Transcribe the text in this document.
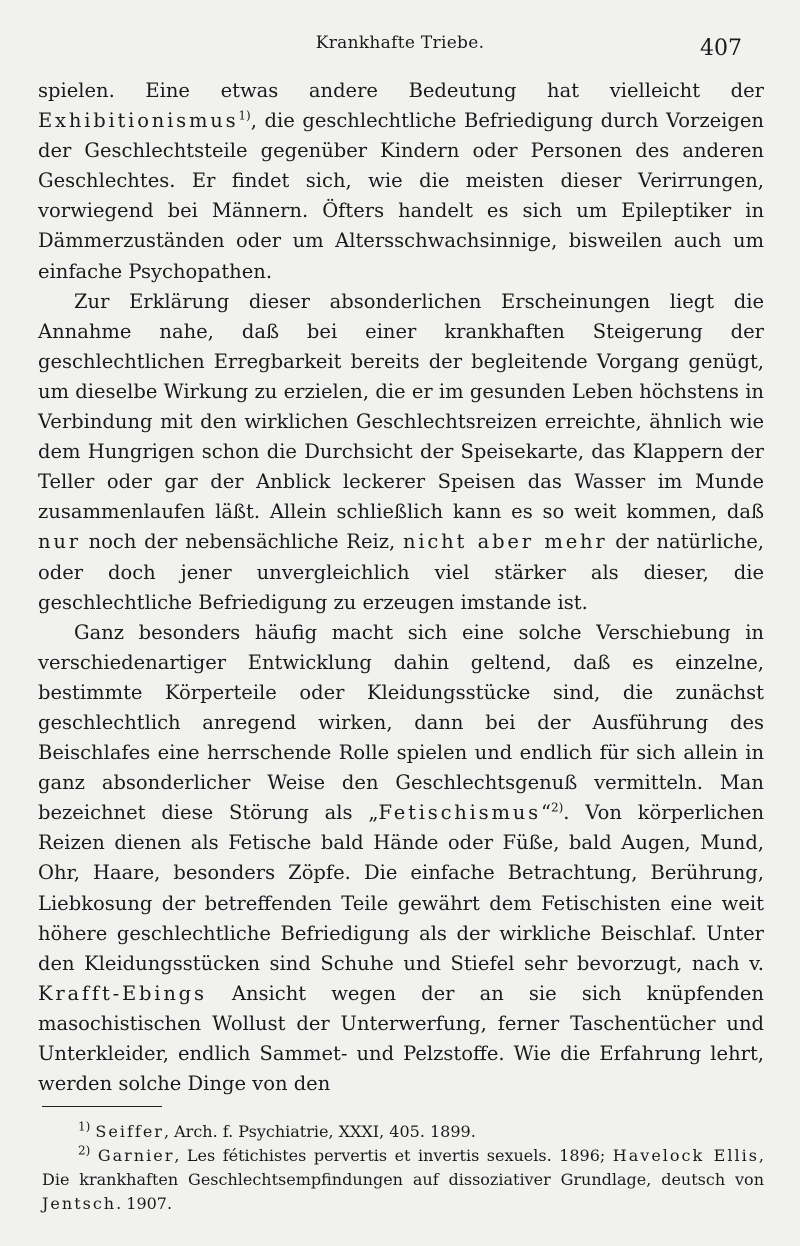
Krankhafte Triebe.	407

spielen. Eine etwas andere Bedeutung hat vielleicht der Exhibitionismus$^{1)}$, die geschlechtliche Befriedigung durch Vorzeigen der Geschlechtsteile gegenüber Kindern oder Personen des anderen Geschlechtes. Er findet sich, wie die meisten dieser Verirrungen, vorwiegend bei Männern. Öfters handelt es sich um Epileptiker in Dämmerzuständen oder um Altersschwachsinnige, bisweilen auch um einfache Psychopathen.

Zur Erklärung dieser absonderlichen Erscheinungen liegt die Annahme nahe, daß bei einer krankhaften Steigerung der geschlechtlichen Erregbarkeit bereits der begleitende Vorgang genügt, um dieselbe Wirkung zu erzielen, die er im gesunden Leben höchstens in Verbindung mit den wirklichen Geschlechtsreizen erreichte, ähnlich wie dem Hungrigen schon die Durchsicht der Speisekarte, das Klappern der Teller oder gar der Anblick leckerer Speisen das Wasser im Munde zusammenlaufen läßt. Allein schließlich kann es so weit kommen, daß nur noch der nebensächliche Reiz, nicht aber mehr der natürliche, oder doch jener unvergleichlich viel stärker als dieser, die geschlechtliche Befriedigung zu erzeugen imstande ist.

Ganz besonders häufig macht sich eine solche Verschiebung in verschiedenartiger Entwicklung dahin geltend, daß es einzelne, bestimmte Körperteile oder Kleidungsstücke sind, die zunächst geschlechtlich anregend wirken, dann bei der Ausführung des Beischlafes eine herrschende Rolle spielen und endlich für sich allein in ganz absonderlicher Weise den Geschlechtsgenuß vermitteln. Man bezeichnet diese Störung als „Fetischismus“$^{2)}$. Von körperlichen Reizen dienen als Fetische bald Hände oder Füße, bald Augen, Mund, Ohr, Haare, besonders Zöpfe. Die einfache Betrachtung, Berührung, Liebkosung der betreffenden Teile gewährt dem Fetischisten eine weit höhere geschlechtliche Befriedigung als der wirkliche Beischlaf. Unter den Kleidungsstücken sind Schuhe und Stiefel sehr bevorzugt, nach v. Krafft-Ebings Ansicht wegen der an sie sich knüpfenden masochistischen Wollust der Unterwerfung, ferner Taschentücher und Unterkleider, endlich Sammet- und Pelzstoffe. Wie die Erfahrung lehrt, werden solche Dinge von den

$^{1)}$ Seiffer, Arch. f. Psychiatrie, XXXI, 405. 1899.

$^{2)}$ Garnier, Les fétichistes pervertis et invertis sexuels. 1896; Havelock Ellis, Die krankhaften Geschlechtsempfindungen auf dissoziativer Grundlage, deutsch von Jentsch. 1907.
